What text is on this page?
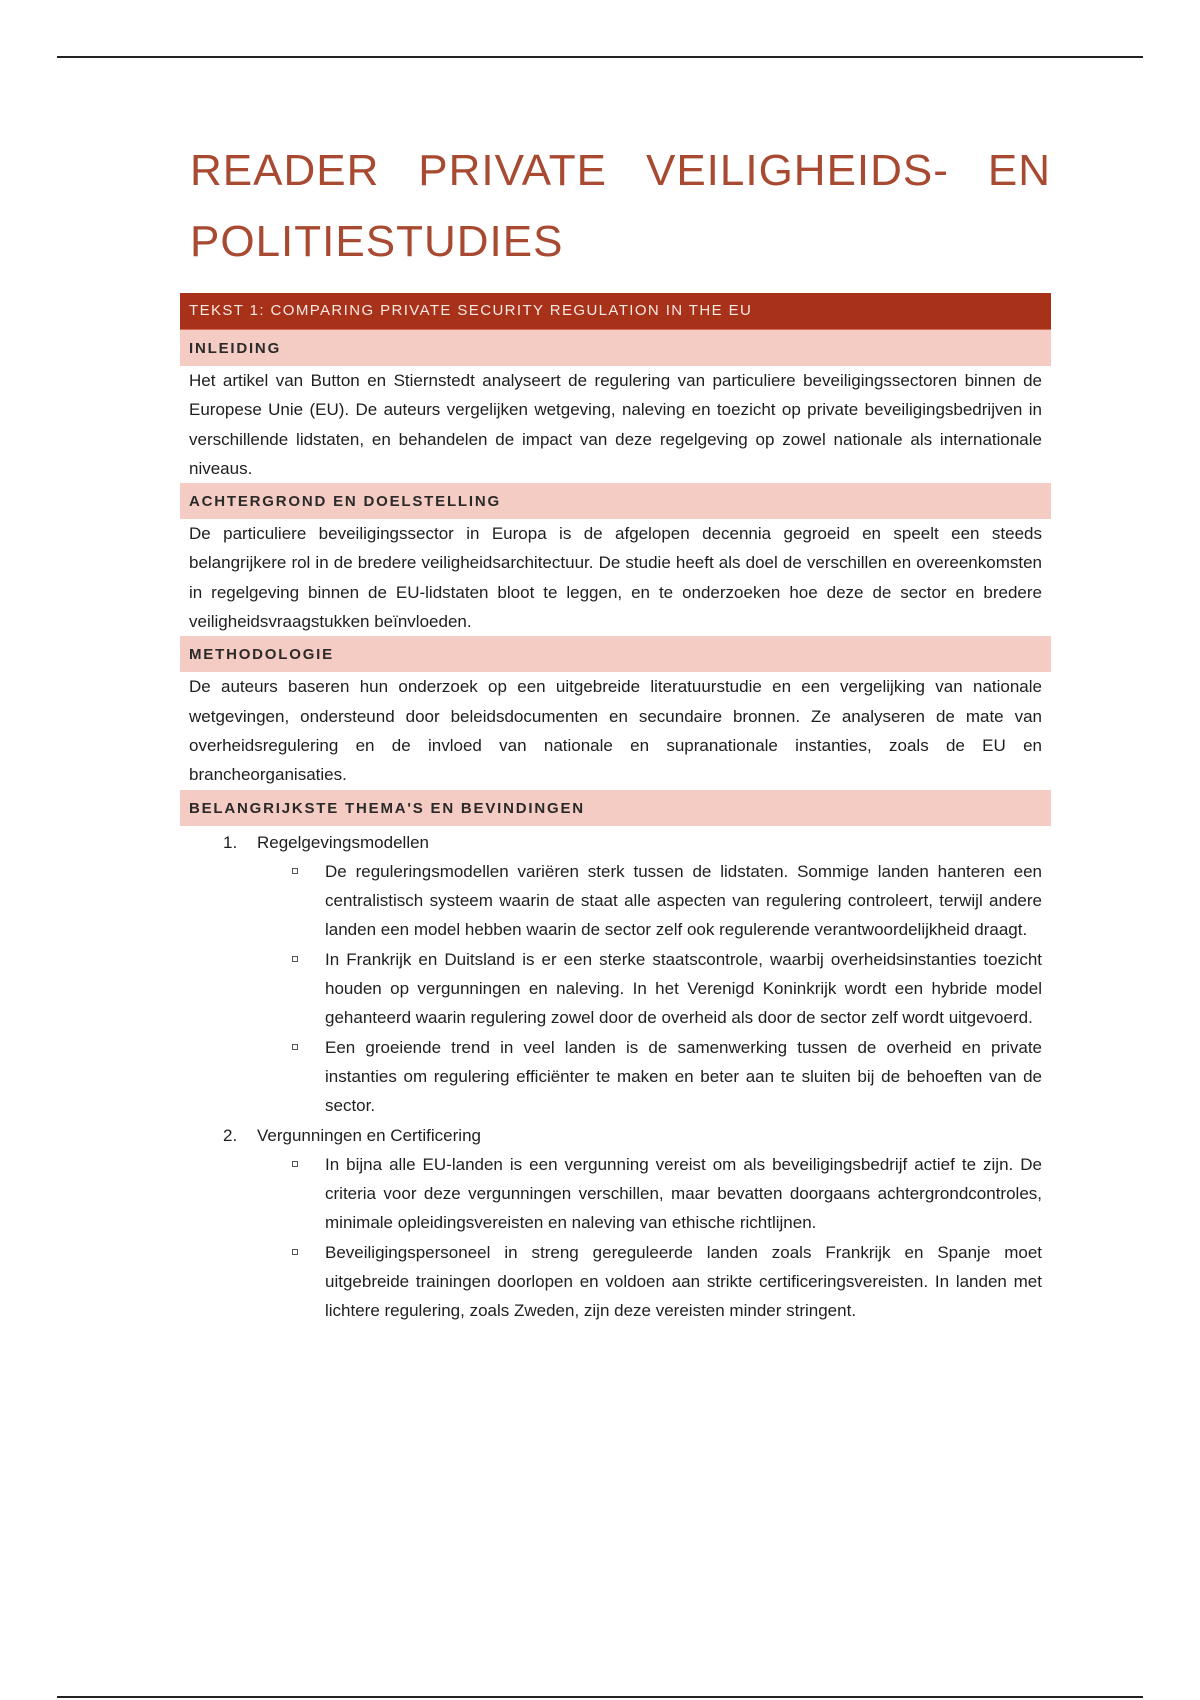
READER PRIVATE VEILIGHEIDS- EN
POLITIESTUDIES
TEKST 1: COMPARING PRIVATE SECURITY REGULATION IN THE EU
INLEIDING

Het artikel van Button en Stiernstedt analyseert de regulering van particuliere beveiligingssectoren binnen de Europese Unie (EU). De auteurs vergelijken wetgeving, naleving en toezicht op private beveiligingsbedrijven in verschillende lidstaten, en behandelen de impact van deze regelgeving op zowel nationale als internationale niveaus.

ACHTERGROND EN DOELSTELLING

De particuliere beveiligingssector in Europa is de afgelopen decennia gegroeid en speelt een steeds belangrijkere rol in de bredere veiligheidsarchitectuur. De studie heeft als doel de verschillen en overeenkomsten in regelgeving binnen de EU-lidstaten bloot te leggen, en te onderzoeken hoe deze de sector en bredere veiligheidsvraagstukken beïnvloeden.

METHODOLOGIE

De auteurs baseren hun onderzoek op een uitgebreide literatuurstudie en een vergelijking van nationale wetgevingen, ondersteund door beleidsdocumenten en secundaire bronnen. Ze analyseren de mate van overheidsregulering en de invloed van nationale en supranationale instanties, zoals de EU en brancheorganisaties.

BELANGRIJKSTE THEMA'S EN BEVINDINGEN
1. Regelgevingsmodellen
De reguleringsmodellen variëren sterk tussen de lidstaten. Sommige landen hanteren een centralistisch systeem waarin de staat alle aspecten van regulering controleert, terwijl andere landen een model hebben waarin de sector zelf ook regulerende verantwoordelijkheid draagt.
In Frankrijk en Duitsland is er een sterke staatscontrole, waarbij overheidsinstanties toezicht houden op vergunningen en naleving. In het Verenigd Koninkrijk wordt een hybride model gehanteerd waarin regulering zowel door de overheid als door de sector zelf wordt uitgevoerd.
Een groeiende trend in veel landen is de samenwerking tussen de overheid en private instanties om regulering efficiënter te maken en beter aan te sluiten bij de behoeften van de sector.
2. Vergunningen en Certificering
In bijna alle EU-landen is een vergunning vereist om als beveiligingsbedrijf actief te zijn. De criteria voor deze vergunningen verschillen, maar bevatten doorgaans achtergrondcontroles, minimale opleidingsvereisten en naleving van ethische richtlijnen.
Beveiligingspersoneel in streng gereguleerde landen zoals Frankrijk en Spanje moet uitgebreide trainingen doorlopen en voldoen aan strikte certificeringsvereisten. In landen met lichtere regulering, zoals Zweden, zijn deze vereisten minder stringent.
